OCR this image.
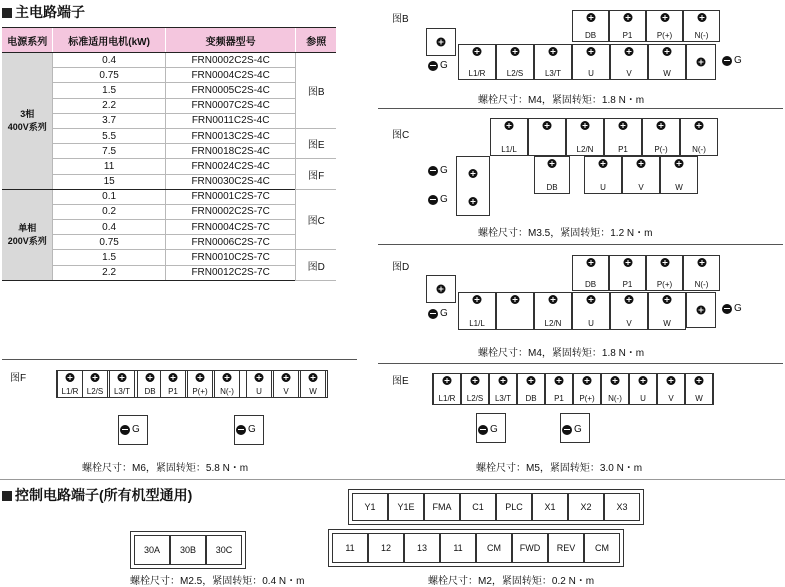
主电路端子
电源系列	标准适用电机(kW)	变频器型号	参照

3相
400V系列	0.4	FRN0002C2S-4C	图B
	0.75	FRN0004C2S-4C	
	1.5	FRN0005C2S-4C	
	2.2	FRN0007C2S-4C	
	3.7	FRN0011C2S-4C	
	5.5	FRN0013C2S-4C	图E
	7.5	FRN0018C2S-4C	
	11	FRN0024C2S-4C	图F
	15	FRN0030C2S-4C	

单相
200V系列	0.1	FRN0001C2S-7C	图C
	0.2	FRN0002C2S-7C	
	0.4	FRN0004C2S-7C	
	0.75	FRN0006C2S-7C	
	1.5	FRN0010C2S-7C	图D
	2.2	FRN0012C2S-7C	
图B
DB	P1	P(+)	N(-)
L1/R	L2/S	L3/T	U	V	W
G	G
螺栓尺寸：M4，紧固转矩：1.8 N・m
图C
L1/L	L2/N	P1	P(-)	N(-)
DB	U	V	W
G
G
螺栓尺寸：M3.5，紧固转矩：1.2 N・m
图D
DB	P1	P(+)	N(-)
L1/L	L2/N	U	V	W
G	G
螺栓尺寸：M4，紧固转矩：1.8 N・m
图F
L1/R	L2/S	L3/T	DB	P1	P(+)	N(-)	U	V	W
G	G
螺栓尺寸：M6，紧固转矩：5.8 N・m
图E
L1/R	L2/S	L3/T	DB	P1	P(+)	N(-)	U	V	W
G	G
螺栓尺寸：M5，紧固转矩：3.0 N・m
控制电路端子(所有机型通用)
30A	30B	30C
螺栓尺寸：M2.5，紧固转矩：0.4 N・m
Y1	Y1E	FMA	C1	PLC	X1	X2	X3
11	12	13	11	CM	FWD	REV	CM
螺栓尺寸：M2，紧固转矩：0.2 N・m
